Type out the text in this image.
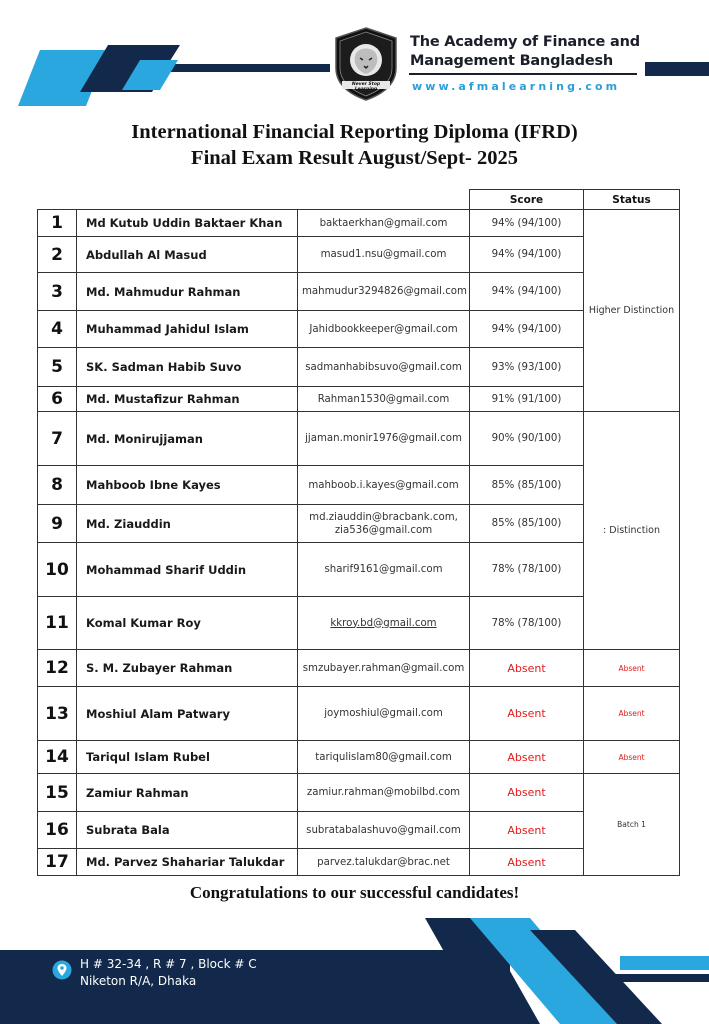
Never Stop Learning
The Academy of Finance and
Management Bangladesh
www.afmalearning.com
International Financial Reporting Diploma (IFRD)
Final Exam Result August/Sept- 2025
			Score	Status
1	Md Kutub Uddin Baktaer Khan	baktaerkhan@gmail.com	94% (94/100)	Higher Distinction
2	Abdullah Al Masud	masud1.nsu@gmail.com	94% (94/100)	
3	Md. Mahmudur Rahman	mahmudur3294826@gmail.com	94% (94/100)	
4	Muhammad Jahidul Islam	Jahidbookkeeper@gmail.com	94% (94/100)	
5	SK. Sadman Habib Suvo	sadmanhabibsuvo@gmail.com	93% (93/100)	
6	Md. Mustafizur Rahman	Rahman1530@gmail.com	91% (91/100)	
7	Md. Monirujjaman	jjaman.monir1976@gmail.com	90% (90/100)	: Distinction
8	Mahboob Ibne Kayes	mahboob.i.kayes@gmail.com	85% (85/100)	
9	Md. Ziauddin	md.ziauddin@bracbank.com, zia536@gmail.com	85% (85/100)	
10	Mohammad Sharif Uddin	sharif9161@gmail.com	78% (78/100)	
11	Komal Kumar Roy	kkroy.bd@gmail.com	78% (78/100)	
12	S. M. Zubayer Rahman	smzubayer.rahman@gmail.com	Absent	Absent
13	Moshiul Alam Patwary	joymoshiul@gmail.com	Absent	Absent
14	Tariqul Islam Rubel	tariqulislam80@gmail.com	Absent	Absent
15	Zamiur Rahman	zamiur.rahman@mobilbd.com	Absent	Batch 1
16	Subrata Bala	subratabalashuvo@gmail.com	Absent	
17	Md. Parvez Shahariar Talukdar	parvez.talukdar@brac.net	Absent	
Congratulations to our successful candidates!
H # 32-34 , R # 7 , Block # C
Niketon R/A, Dhaka
